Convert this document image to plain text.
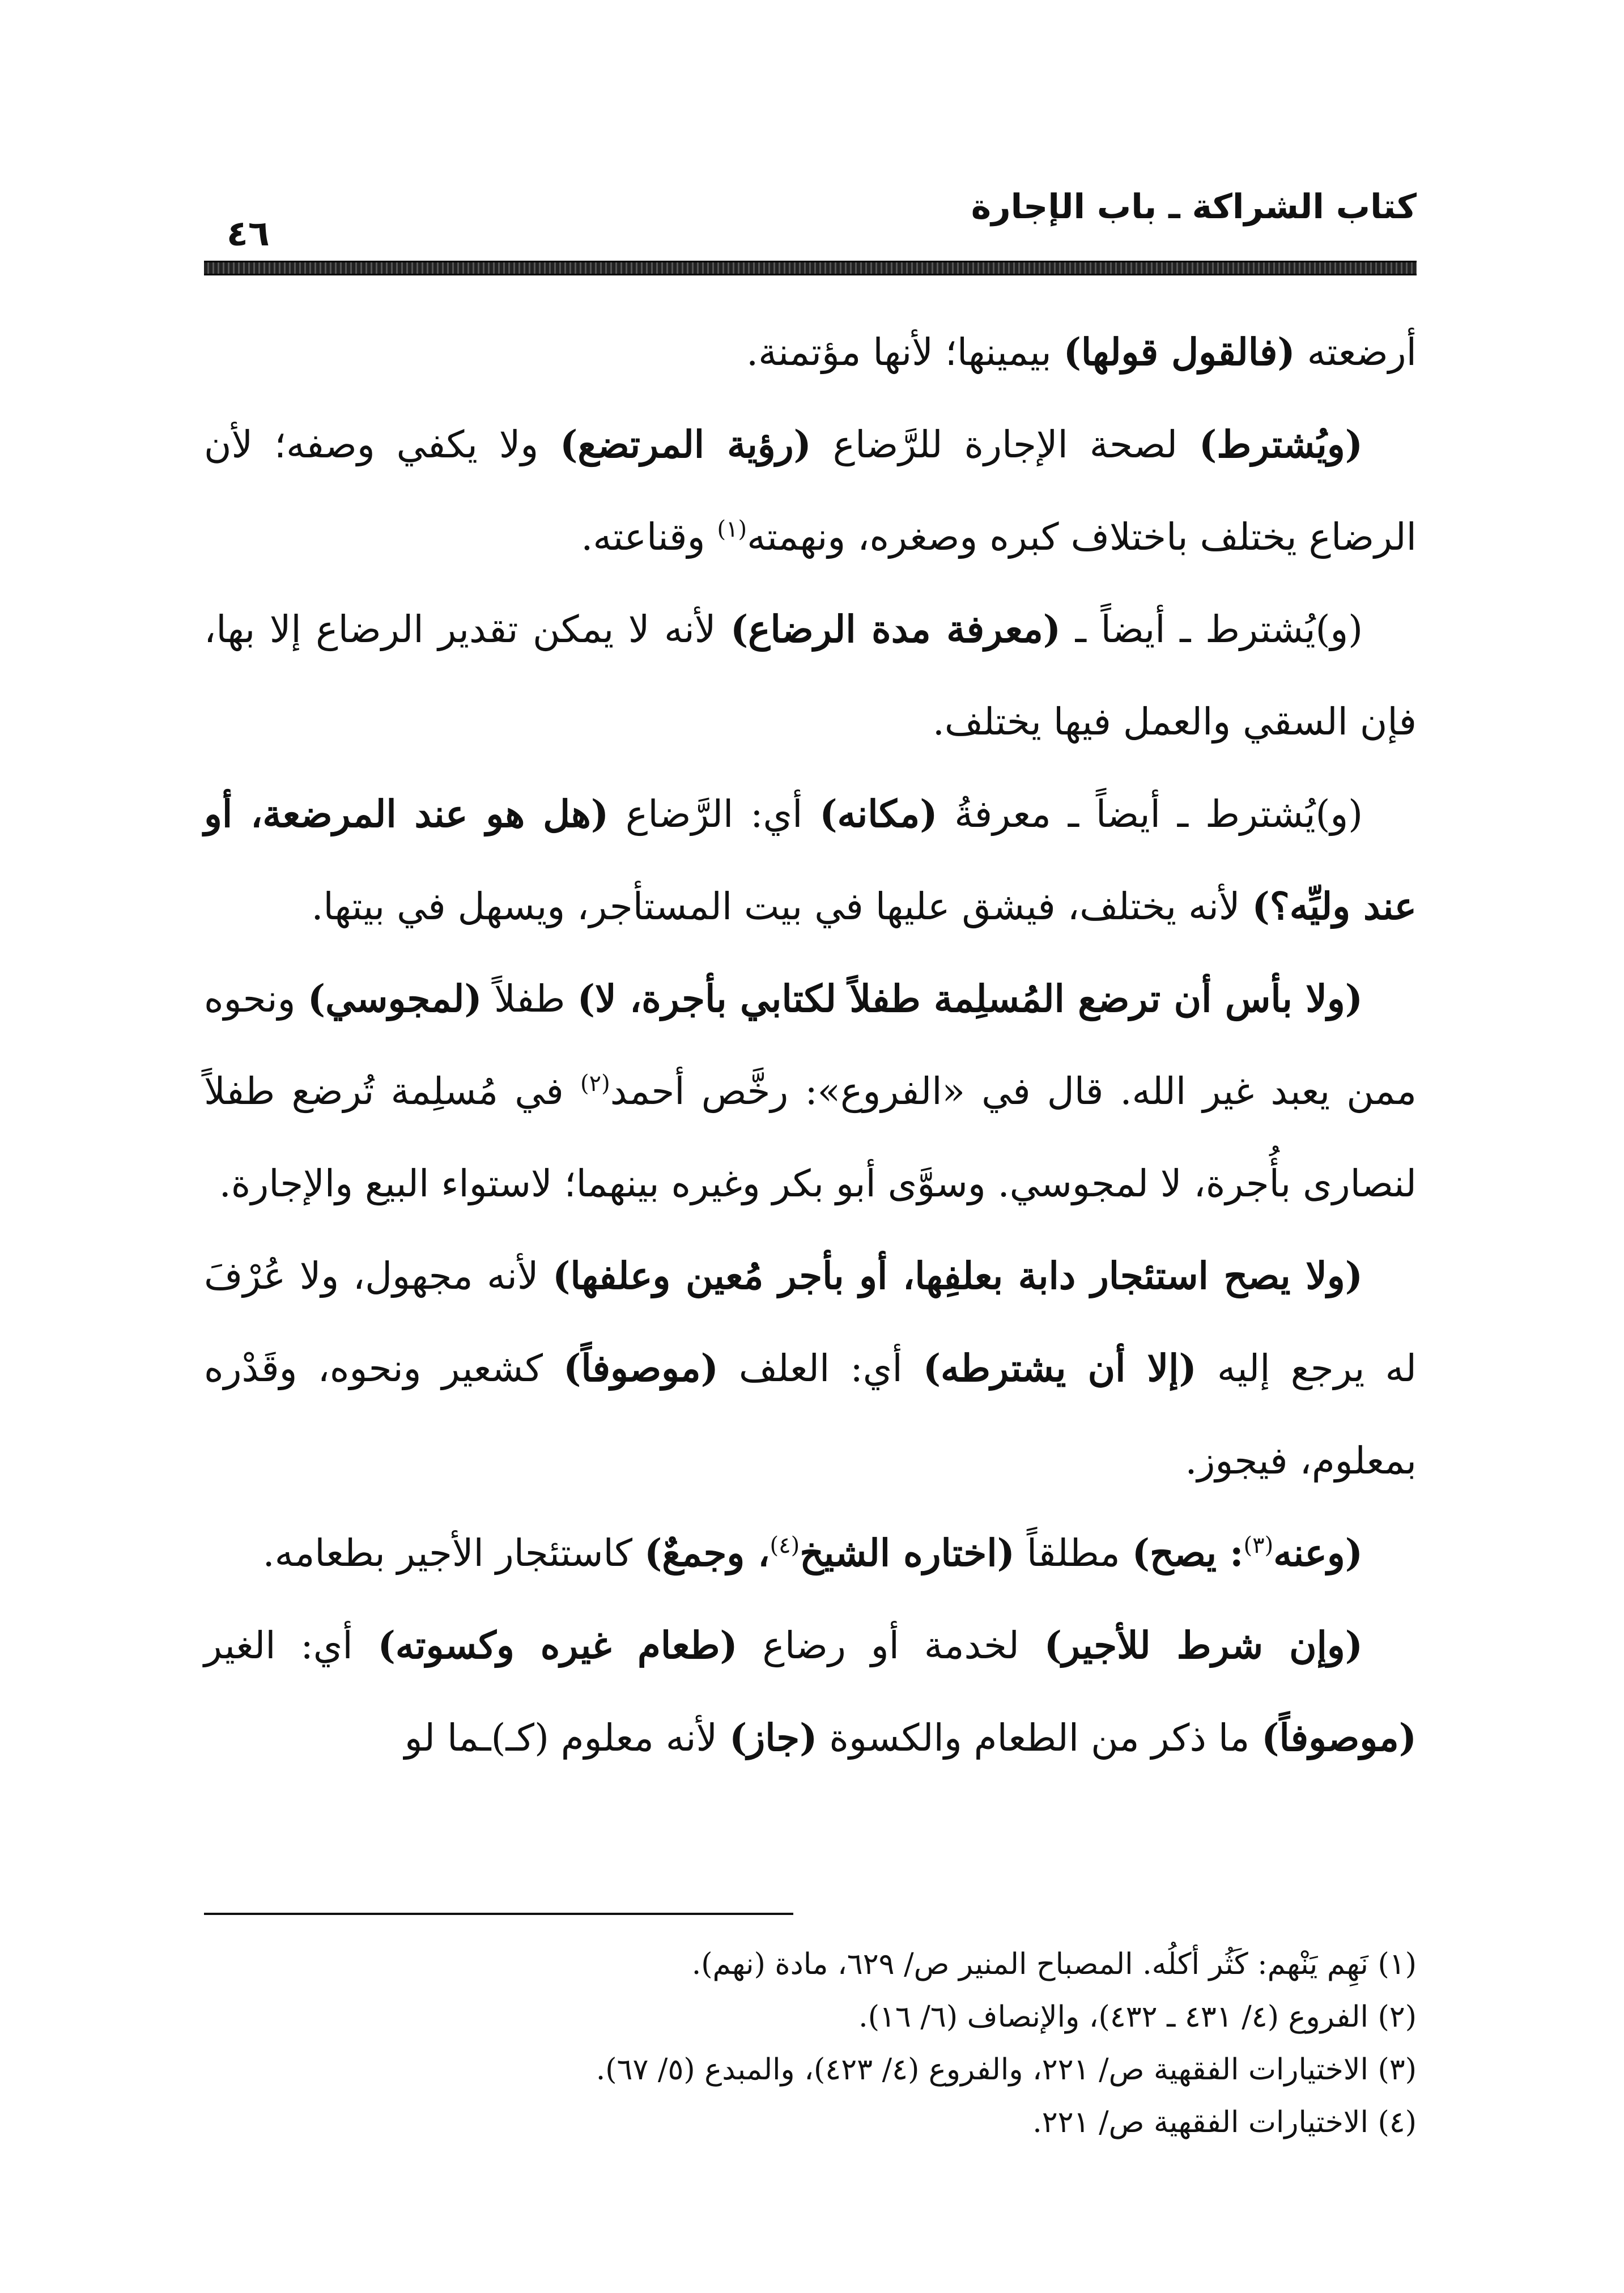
كتاب الشراكة ـ باب الإجارة
٤٦

أرضعته (فالقول قولها) بيمينها؛ لأنها مؤتمنة.

(ويُشترط) لصحة الإجارة للرَّضاع (رؤية المرتضع) ولا يكفي وصفه؛ لأن الرضاع يختلف باختلاف كبره وصغره، ونهمته$^{(١)}$ وقناعته.

(و)يُشترط ـ أيضاً ـ (معرفة مدة الرضاع) لأنه لا يمكن تقدير الرضاع إلا بها، فإن السقي والعمل فيها يختلف.

(و)يُشترط ـ أيضاً ـ معرفةُ (مكانه) أي: الرَّضاع (هل هو عند المرضعة، أو عند وليِّه؟) لأنه يختلف، فيشق عليها في بيت المستأجر، ويسهل في بيتها.

(ولا بأس أن ترضع المُسلِمة طفلاً لكتابي بأجرة، لا) طفلاً (لمجوسي) ونحوه ممن يعبد غير الله. قال في «الفروع»: رخَّص أحمد$^{(٢)}$ في مُسلِمة تُرضع طفلاً لنصارى بأُجرة، لا لمجوسي. وسوَّى أبو بكر وغيره بينهما؛ لاستواء البيع والإجارة.

(ولا يصح استئجار دابة بعلفِها، أو بأجر مُعين وعلفها) لأنه مجهول، ولا عُرْفَ له يرجع إليه (إلا أن يشترطه) أي: العلف (موصوفاً) كشعير ونحوه، وقَدْره بمعلوم، فيجوز.

(وعنه$^{(٣)}$: يصح) مطلقاً (اختاره الشيخ$^{(٤)}$، وجمعٌ) كاستئجار الأجير بطعامه.

(وإن شرط للأجير) لخدمة أو رضاع (طعام غيره وكسوته) أي: الغير (موصوفاً) ما ذكر من الطعام والكسوة (جاز) لأنه معلوم (كـ)ـما لو

(١) نَهِم يَنْهم: كَثُر أكلُه. المصباح المنير ص/ ٦٢٩، مادة (نهم).

(٢) الفروع (٤/ ٤٣١ ـ ٤٣٢)، والإنصاف (٦/ ١٦).

(٣) الاختيارات الفقهية ص/ ٢٢١، والفروع (٤/ ٤٢٣)، والمبدع (٥/ ٦٧).

(٤) الاختيارات الفقهية ص/ ٢٢١.
